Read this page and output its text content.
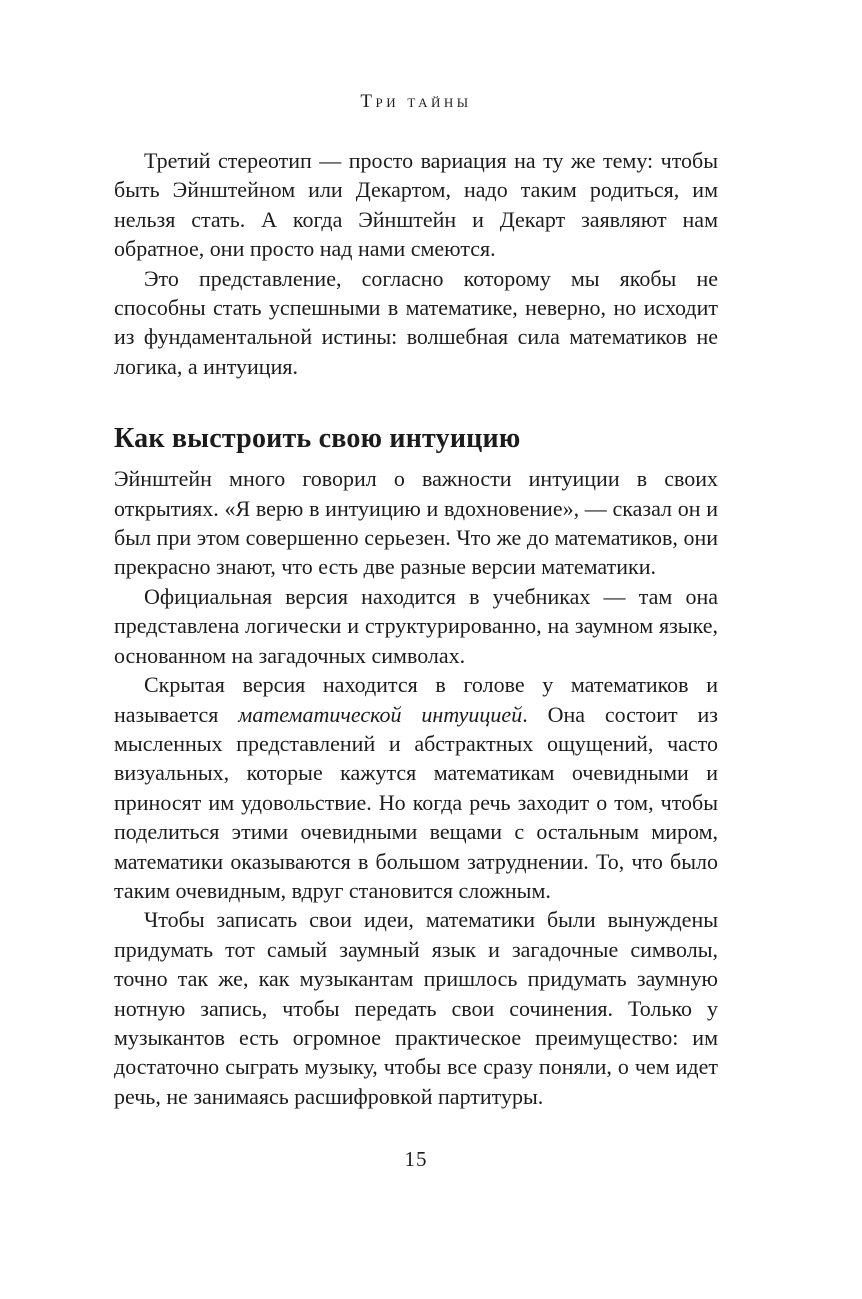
Три тайны

Третий стереотип — просто вариация на ту же тему: чтобы быть Эйнштейном или Декартом, надо таким родиться, им нельзя стать. А когда Эйнштейн и Декарт заявляют нам обратное, они просто над нами смеются.

Это представление, согласно которому мы якобы не способны стать успешными в математике, неверно, но исходит из фундаментальной истины: волшебная сила математиков не логика, а интуиция.

Как выстроить свою интуицию

Эйнштейн много говорил о важности интуиции в своих открытиях. «Я верю в интуицию и вдохновение», — сказал он и был при этом совершенно серьезен. Что же до математиков, они прекрасно знают, что есть две разные версии математики.

Официальная версия находится в учебниках — там она представлена логически и структурированно, на заумном языке, основанном на загадочных символах.

Скрытая версия находится в голове у математиков и называется математической интуицией. Она состоит из мысленных представлений и абстрактных ощущений, часто визуальных, которые кажутся математикам очевидными и приносят им удовольствие. Но когда речь заходит о том, чтобы поделиться этими очевидными вещами с остальным миром, математики оказываются в большом затруднении. То, что было таким очевидным, вдруг становится сложным.

Чтобы записать свои идеи, математики были вынуждены придумать тот самый заумный язык и загадочные символы, точно так же, как музыкантам пришлось придумать заумную нотную запись, чтобы передать свои сочинения. Только у музыкантов есть огромное практическое преимущество: им достаточно сыграть музыку, чтобы все сразу поняли, о чем идет речь, не занимаясь расшифровкой партитуры.

15
